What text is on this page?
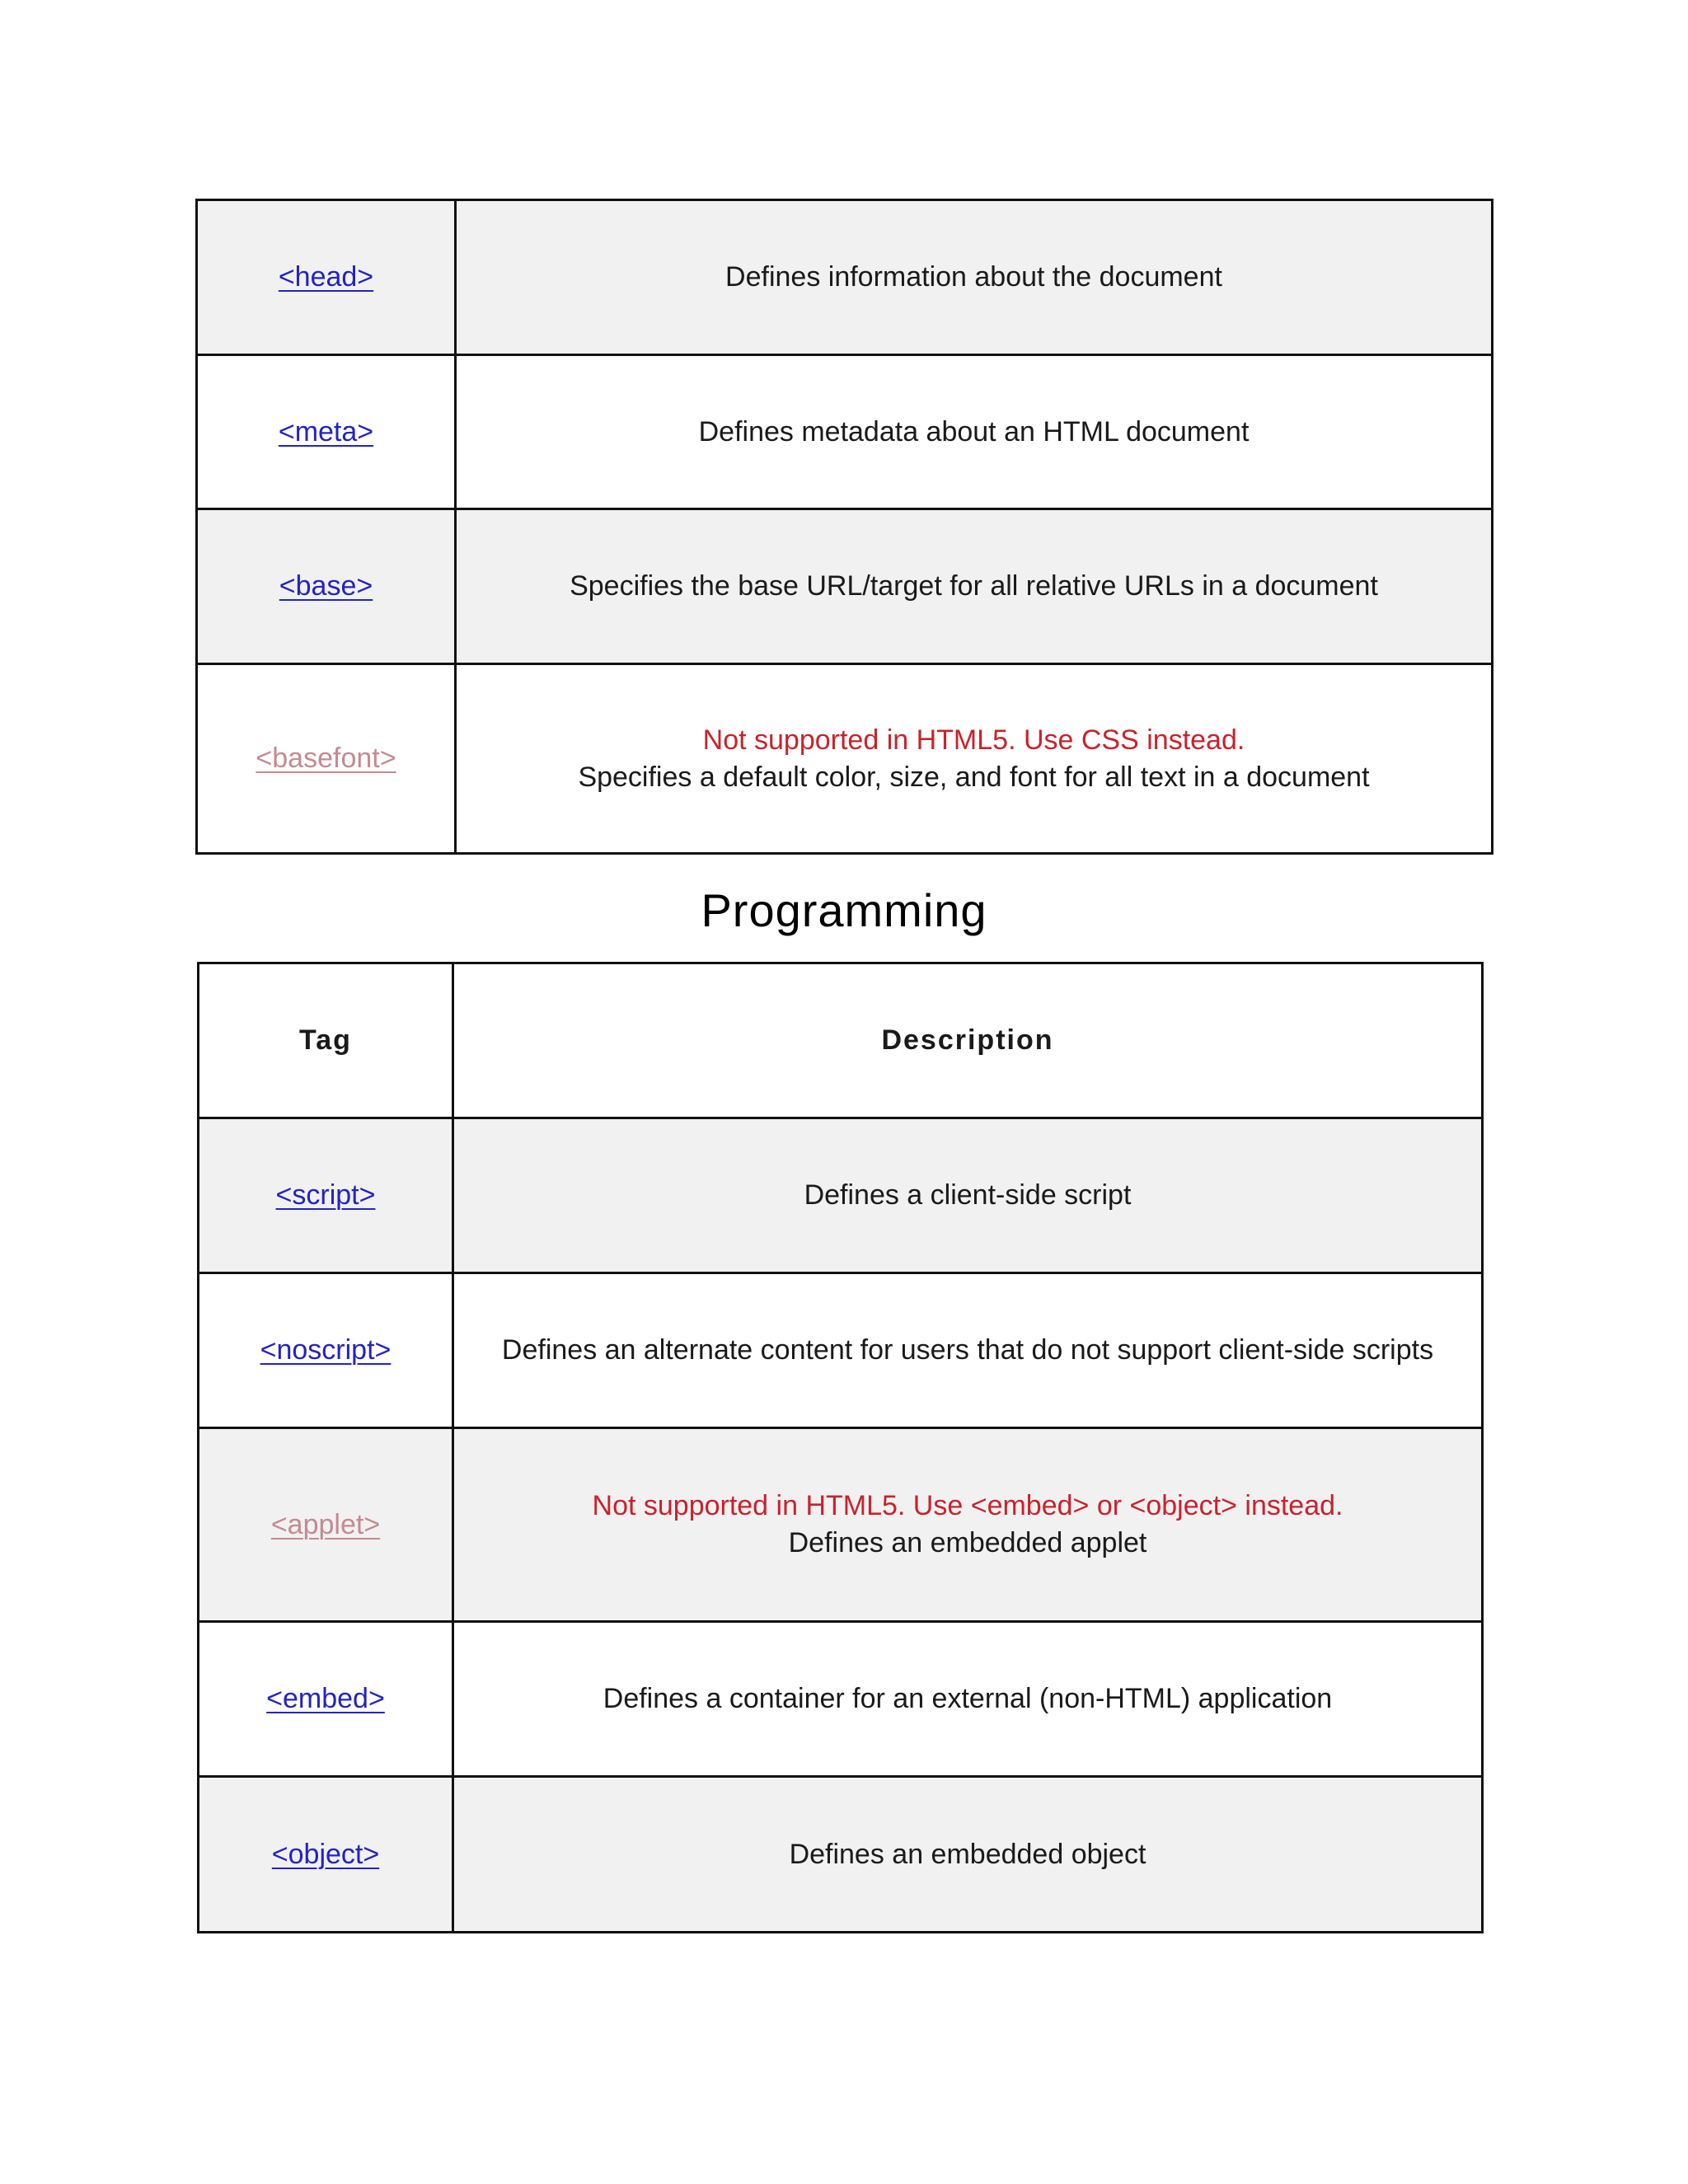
<head>	Defines information about the document

<meta>	Defines metadata about an HTML document

<base>	Specifies the base URL/target for all relative URLs in a document

<basefont>	Not supported in HTML5. Use CSS instead.
Specifies a default color, size, and font for all text in a document
Programming
Tag	Description
<script>	Defines a client-side script

<noscript>	Defines an alternate content for users that do not support client-side scripts

<applet>	Not supported in HTML5. Use <embed> or <object> instead.
Defines an embedded applet

<embed>	Defines a container for an external (non-HTML) application

<object>	Defines an embedded object
